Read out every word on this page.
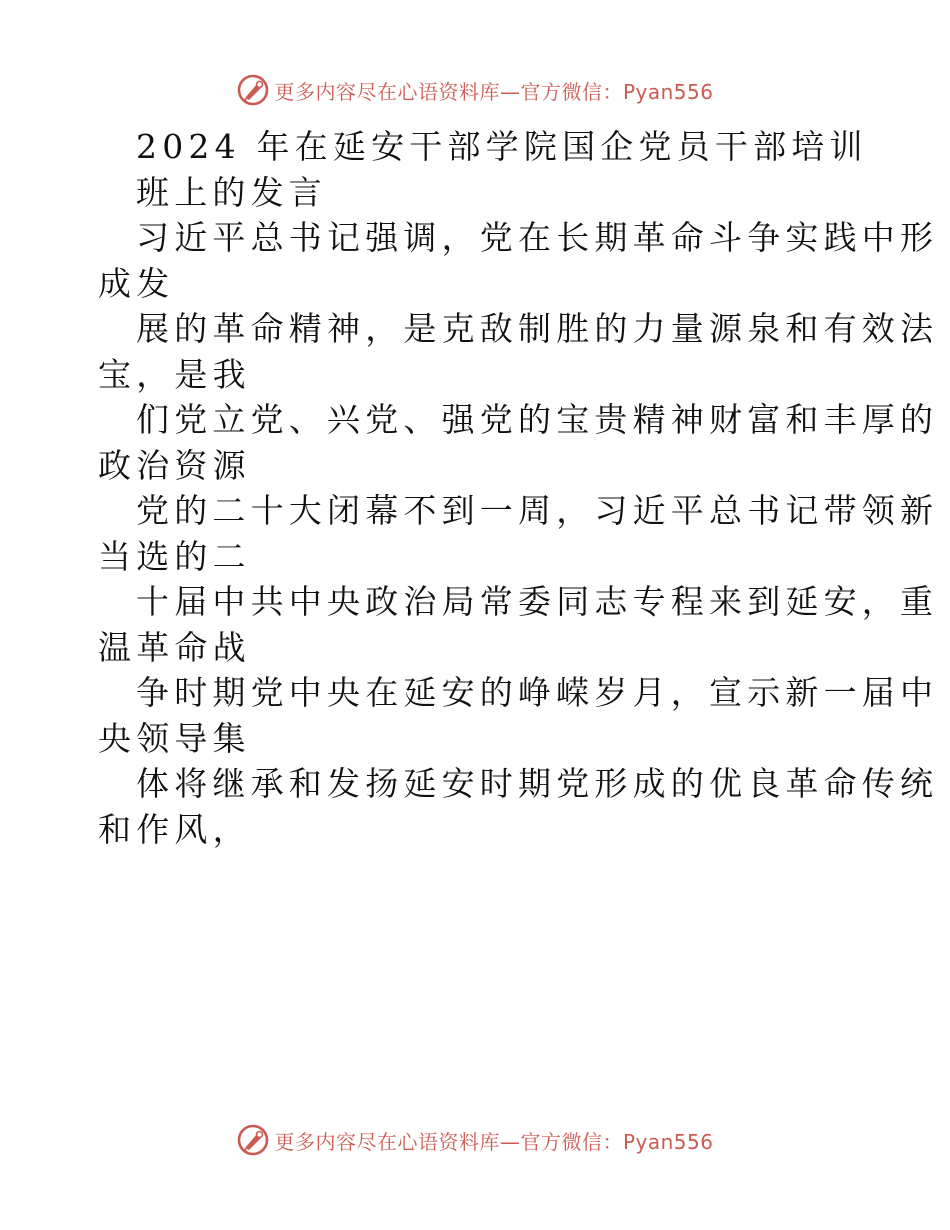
更多内容尽在心语资料库—官方微信：Pyan556
2024 年在延安干部学院国企党员干部培训
班上的发言
习近平总书记强调，党在长期革命斗争实践中形
成发
展的革命精神，是克敌制胜的力量源泉和有效法
宝，是我
们党立党、兴党、强党的宝贵精神财富和丰厚的
政治资源
党的二十大闭幕不到一周，习近平总书记带领新
当选的二
十届中共中央政治局常委同志专程来到延安，重
温革命战
争时期党中央在延安的峥嵘岁月，宣示新一届中
央领导集
体将继承和发扬延安时期党形成的优良革命传统
和作风，
更多内容尽在心语资料库—官方微信：Pyan556
